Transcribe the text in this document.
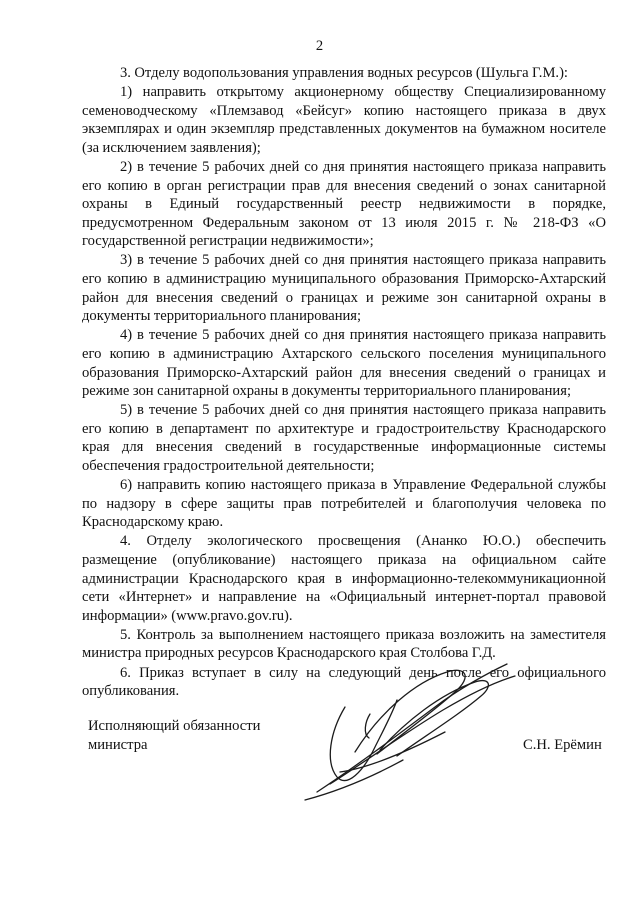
2

3. Отделу водопользования управления водных ресурсов (Шульга Г.М.):

1) направить открытому акционерному обществу Специализированному семеноводческому «Племзавод «Бейсуг» копию настоящего приказа в двух экземплярах и один экземпляр представленных документов на бумажном носителе (за исключением заявления);

2) в течение 5 рабочих дней со дня принятия настоящего приказа направить его копию в орган регистрации прав для внесения сведений о зонах санитарной охраны в Единый государственный реестр недвижимости в порядке, предусмотренном Федеральным законом от 13 июля 2015 г. № 218-ФЗ «О государственной регистрации недвижимости»;

3) в течение 5 рабочих дней со дня принятия настоящего приказа направить его копию в администрацию муниципального образования Приморско-Ахтарский район для внесения сведений о границах и режиме зон санитарной охраны в документы территориального планирования;

4) в течение 5 рабочих дней со дня принятия настоящего приказа направить его копию в администрацию Ахтарского сельского поселения муниципального образования Приморско-Ахтарский район для внесения сведений о границах и режиме зон санитарной охраны в документы территориального планирования;

5) в течение 5 рабочих дней со дня принятия настоящего приказа направить его копию в департамент по архитектуре и градостроительству Краснодарского края для внесения сведений в государственные информационные системы обеспечения градостроительной деятельности;

6) направить копию настоящего приказа в Управление Федеральной службы по надзору в сфере защиты прав потребителей и благополучия человека по Краснодарскому краю.

4. Отделу экологического просвещения (Ананко Ю.О.) обеспечить размещение (опубликование) настоящего приказа на официальном сайте администрации Краснодарского края в информационно-телекоммуникационной сети «Интернет» и направление на «Официальный интернет-портал правовой информации» (www.pravo.gov.ru).

5. Контроль за выполнением настоящего приказа возложить на заместителя министра природных ресурсов Краснодарского края Столбова Г.Д.

6. Приказ вступает в силу на следующий день после его официального опубликования.

Исполняющий обязанности
министра	С.Н. Ерёмин
